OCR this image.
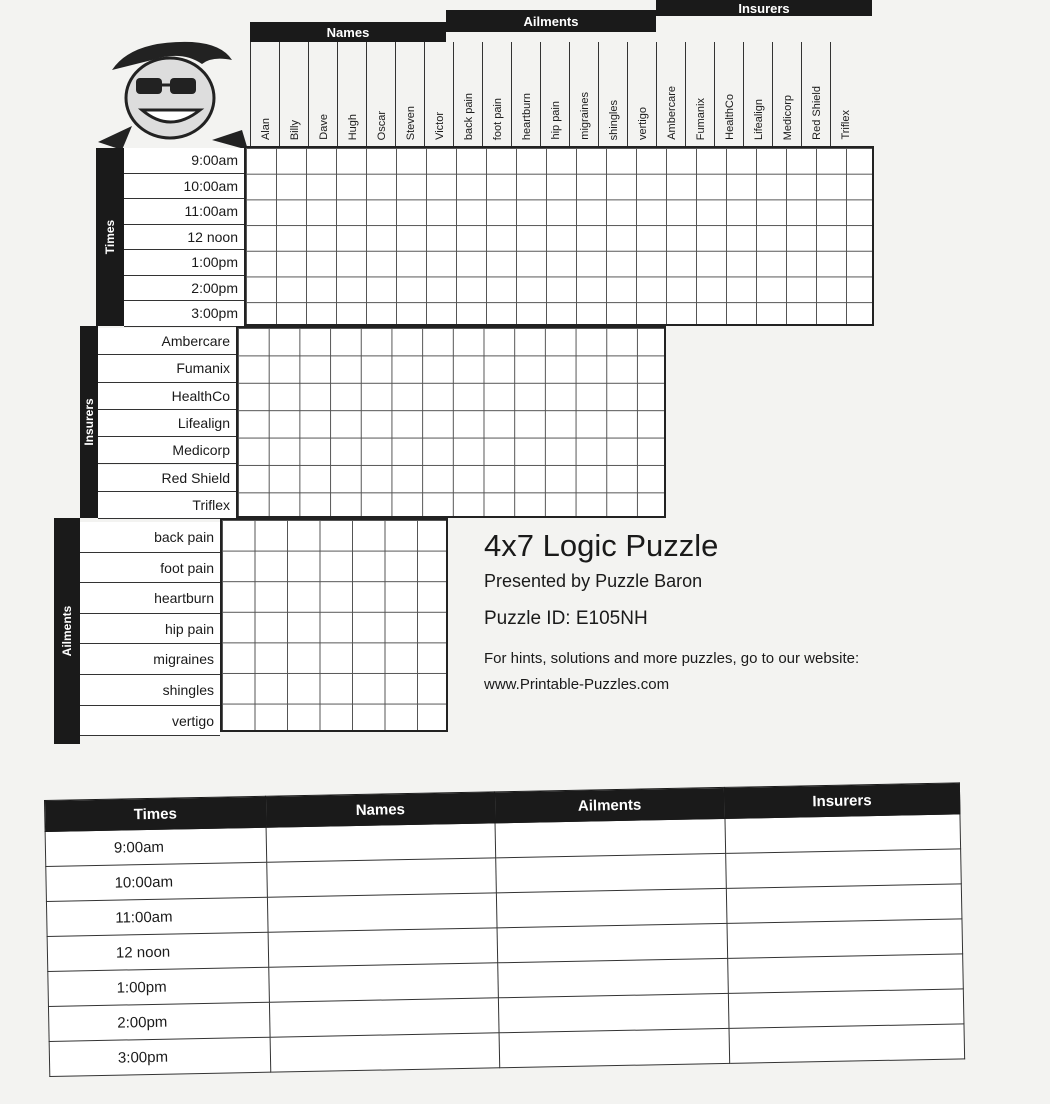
Names
Ailments
Insurers
Alan Billy Dave Hugh Oscar Steven Victor back pain foot pain heartburn hip pain migraines shingles vertigo Ambercare Fumanix HealthCo Lifealign Medicorp Red Shield Triflex
Times
Insurers
Ailments
9:00am
10:00am
11:00am
12 noon
1:00pm
2:00pm
3:00pm
Ambercare
Fumanix
HealthCo
Lifealign
Medicorp
Red Shield
Triflex
back pain
foot pain
heartburn
hip pain
migraines
shingles
vertigo
4x7 Logic Puzzle
Presented by Puzzle Baron
Puzzle ID: E105NH
For hints, solutions and more puzzles, go to our website:
www.Printable-Puzzles.com
Times	Names	Ailments	Insurers
9:00am			
10:00am			
11:00am			
12 noon			
1:00pm			
2:00pm			
3:00pm			
